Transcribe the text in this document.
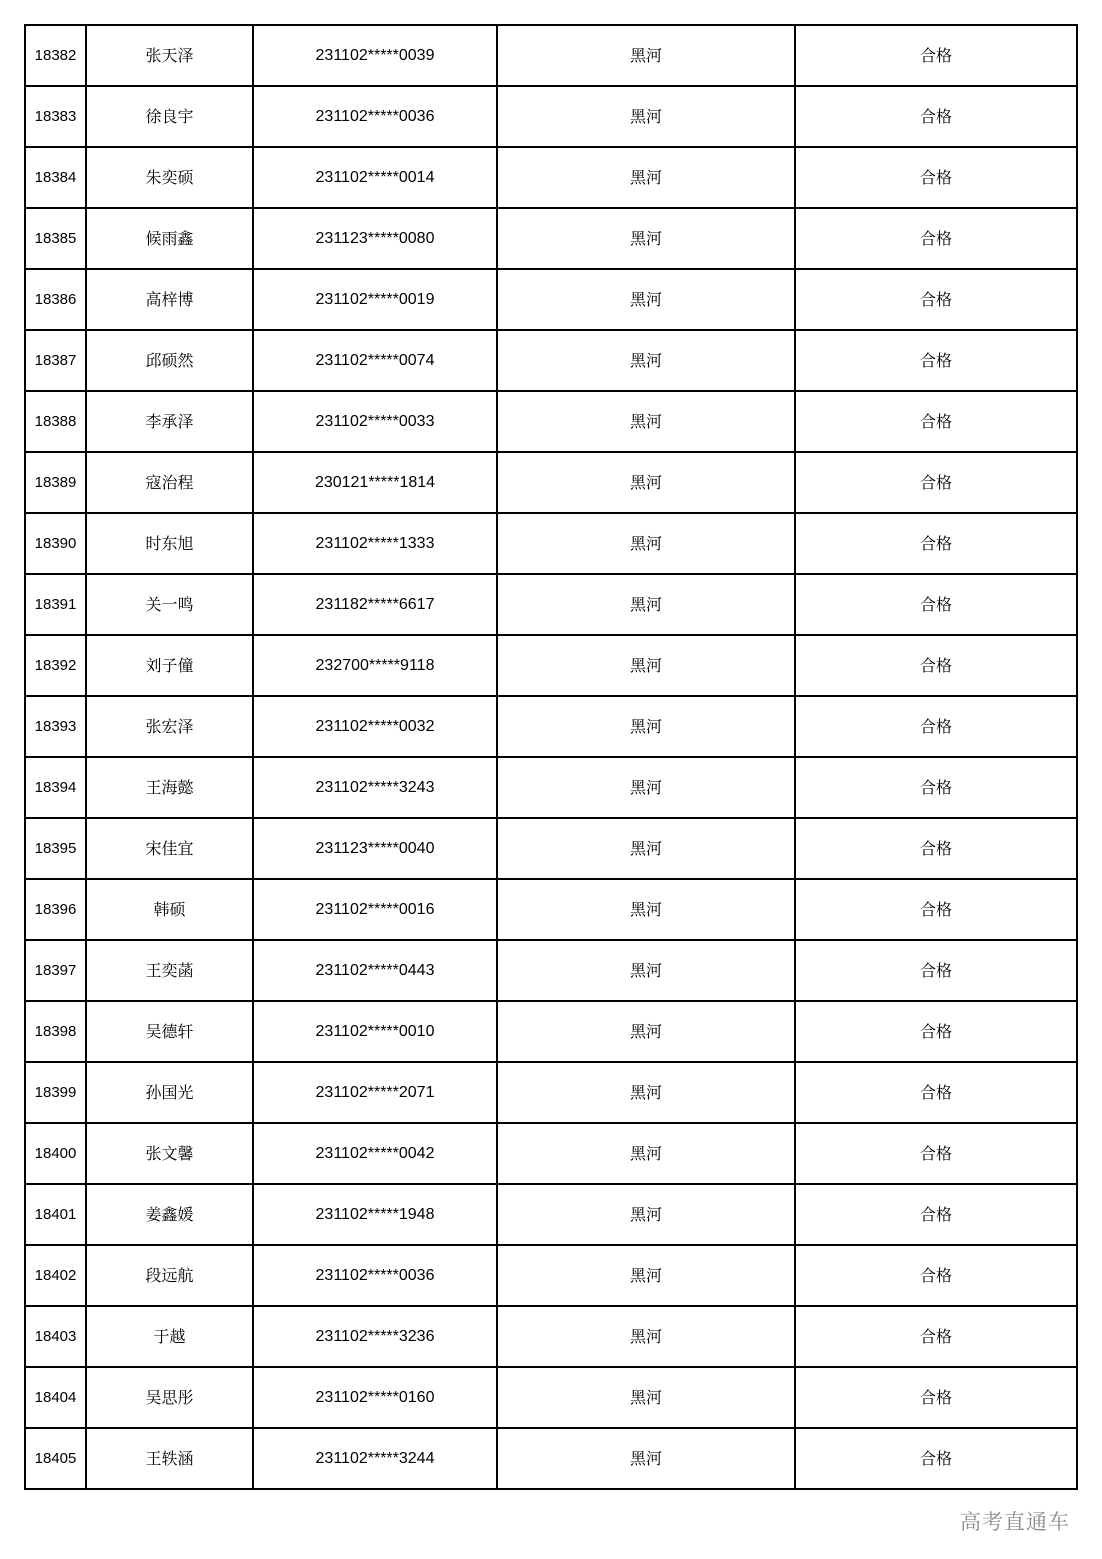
18382	张天泽	231102*****0039	黑河	合格
18383	徐良宇	231102*****0036	黑河	合格
18384	朱奕硕	231102*****0014	黑河	合格
18385	候雨鑫	231123*****0080	黑河	合格
18386	高梓博	231102*****0019	黑河	合格
18387	邱硕然	231102*****0074	黑河	合格
18388	李承泽	231102*****0033	黑河	合格
18389	寇治程	230121*****1814	黑河	合格
18390	时东旭	231102*****1333	黑河	合格
18391	关一鸣	231182*****6617	黑河	合格
18392	刘子僮	232700*****9118	黑河	合格
18393	张宏泽	231102*****0032	黑河	合格
18394	王海懿	231102*****3243	黑河	合格
18395	宋佳宜	231123*****0040	黑河	合格
18396	韩硕	231102*****0016	黑河	合格
18397	王奕菡	231102*****0443	黑河	合格
18398	吴德轩	231102*****0010	黑河	合格
18399	孙国光	231102*****2071	黑河	合格
18400	张文馨	231102*****0042	黑河	合格
18401	姜鑫媛	231102*****1948	黑河	合格
18402	段远航	231102*****0036	黑河	合格
18403	于越	231102*****3236	黑河	合格
18404	吴思彤	231102*****0160	黑河	合格
18405	王轶涵	231102*****3244	黑河	合格
高考直通车
